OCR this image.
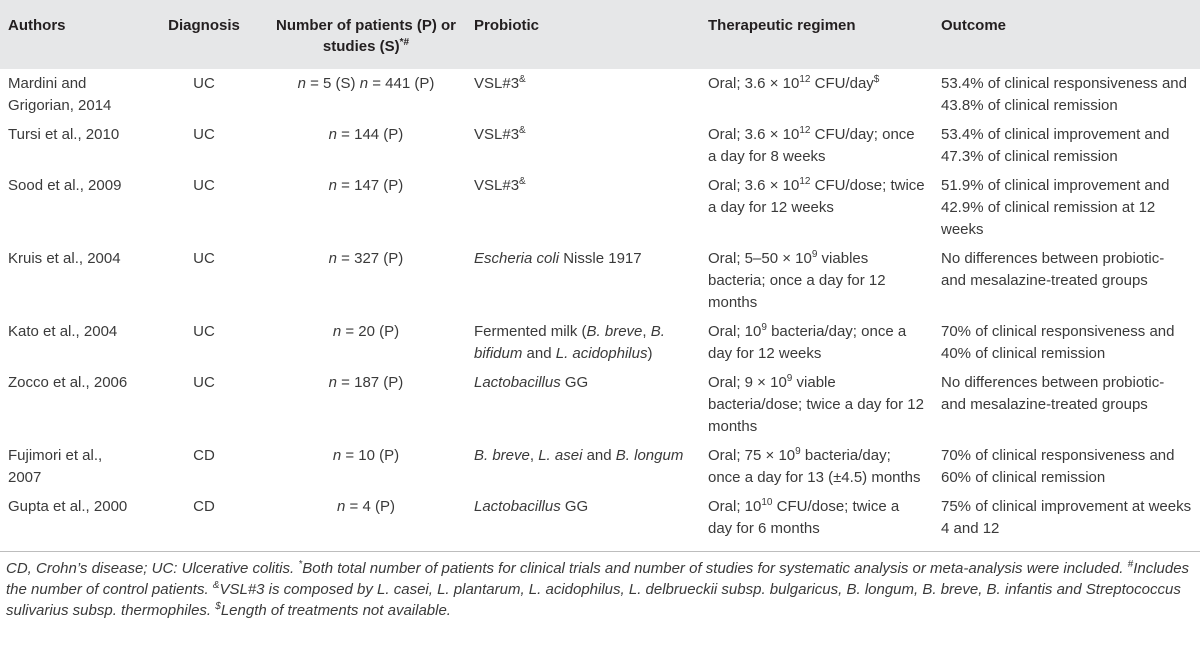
Authors	Diagnosis	Number of patients (P) or studies (S)*#	Probiotic	Therapeutic regimen	Outcome
Mardini and Grigorian, 2014	UC	n = 5 (S) n = 441 (P)	VSL#3&	Oral; $3.6 \times 10^{12}$ CFU/day$	53.4% of clinical responsiveness and 43.8% of clinical remission
Tursi et al., 2010	UC	n = 144 (P)	VSL#3&	Oral; $3.6 \times 10^{12}$ CFU/day; once a day for 8 weeks	53.4% of clinical improvement and 47.3% of clinical remission
Sood et al., 2009	UC	n = 147 (P)	VSL#3&	Oral; $3.6 \times 10^{12}$ CFU/dose; twice a day for 12 weeks	51.9% of clinical improvement and 42.9% of clinical remission at 12 weeks
Kruis et al., 2004	UC	n = 327 (P)	Escheria coli Nissle 1917	Oral; $5-50 \times 10^9$ viables bacteria; once a day for 12 months	No differences between probiotic- and mesalazine-treated groups
Kato et al., 2004	UC	n = 20 (P)	Fermented milk (B. breve, B. bifidum and L. acidophilus)	Oral; $10^9$ bacteria/day; once a day for 12 weeks	70% of clinical responsiveness and 40% of clinical remission
Zocco et al., 2006	UC	n = 187 (P)	Lactobacillus GG	Oral; $9 \times 10^9$ viable bacteria/dose; twice a day for 12 months	No differences between probiotic- and mesalazine-treated groups
Fujimori et al., 2007	CD	n = 10 (P)	B. breve, L. asei and B. longum	Oral; $75 \times 10^9$ bacteria/day; once a day for 13 (±4.5) months	70% of clinical responsiveness and 60% of clinical remission
Gupta et al., 2000	CD	n = 4 (P)	Lactobacillus GG	Oral; $10^{10}$ CFU/dose; twice a day for 6 months	75% of clinical improvement at weeks 4 and 12
CD, Crohn’s disease; UC: Ulcerative colitis. *Both total number of patients for clinical trials and number of studies for systematic analysis or meta-analysis were included. #Includes the number of control patients. &VSL#3 is composed by L. casei, L. plantarum, L. acidophilus, L. delbrueckii subsp. bulgaricus, B. longum, B. breve, B. infantis and Streptococcus sulivarius subsp. thermophiles. $Length of treatments not available.
